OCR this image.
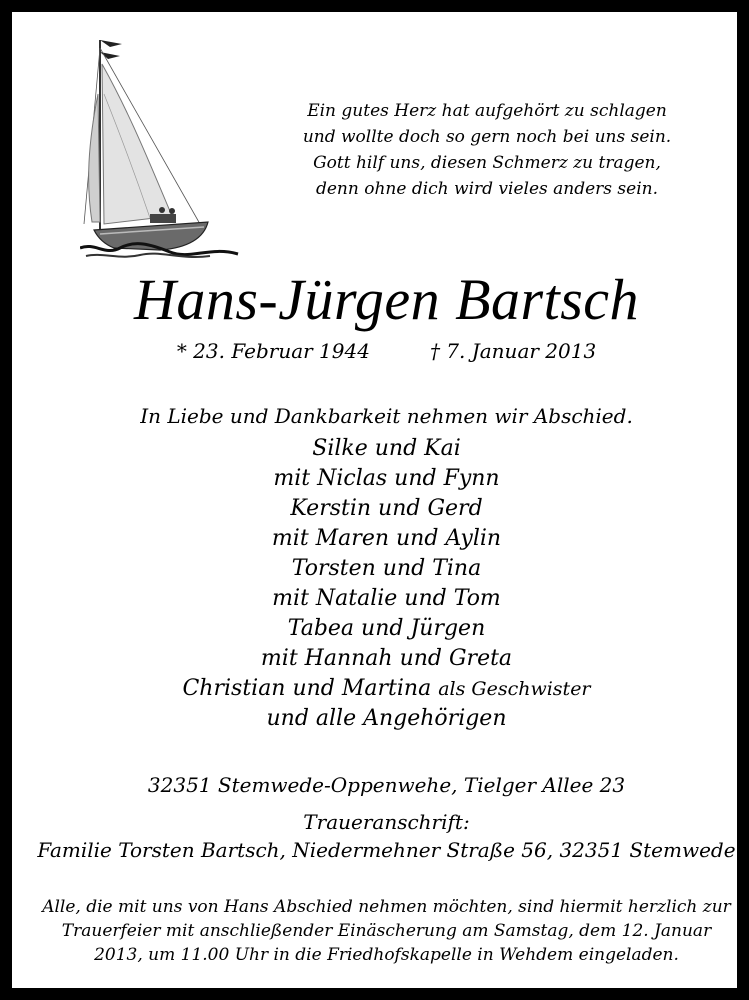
Ein gutes Herz hat aufgehört zu schlagen
und wollte doch so gern noch bei uns sein.
Gott hilf uns, diesen Schmerz zu tragen,
denn ohne dich wird vieles anders sein.
Hans-Jürgen Bartsch
* 23. Februar 1944	† 7. Januar 2013
In Liebe und Dankbarkeit nehmen wir Abschied.
Silke und Kai
mit Niclas und Fynn
Kerstin und Gerd
mit Maren und Aylin
Torsten und Tina
mit Natalie und Tom
Tabea und Jürgen
mit Hannah und Greta
Christian und Martina als Geschwister
und alle Angehörigen
32351 Stemwede-Oppenwehe, Tielger Allee 23
Traueranschrift:
Familie Torsten Bartsch, Niedermehner Straße 56, 32351 Stemwede
Alle, die mit uns von Hans Abschied nehmen möchten, sind hiermit herzlich zur
Trauerfeier mit anschließender Einäscherung am Samstag, dem 12. Januar
2013, um 11.00 Uhr in die Friedhofskapelle in Wehdem eingeladen.
